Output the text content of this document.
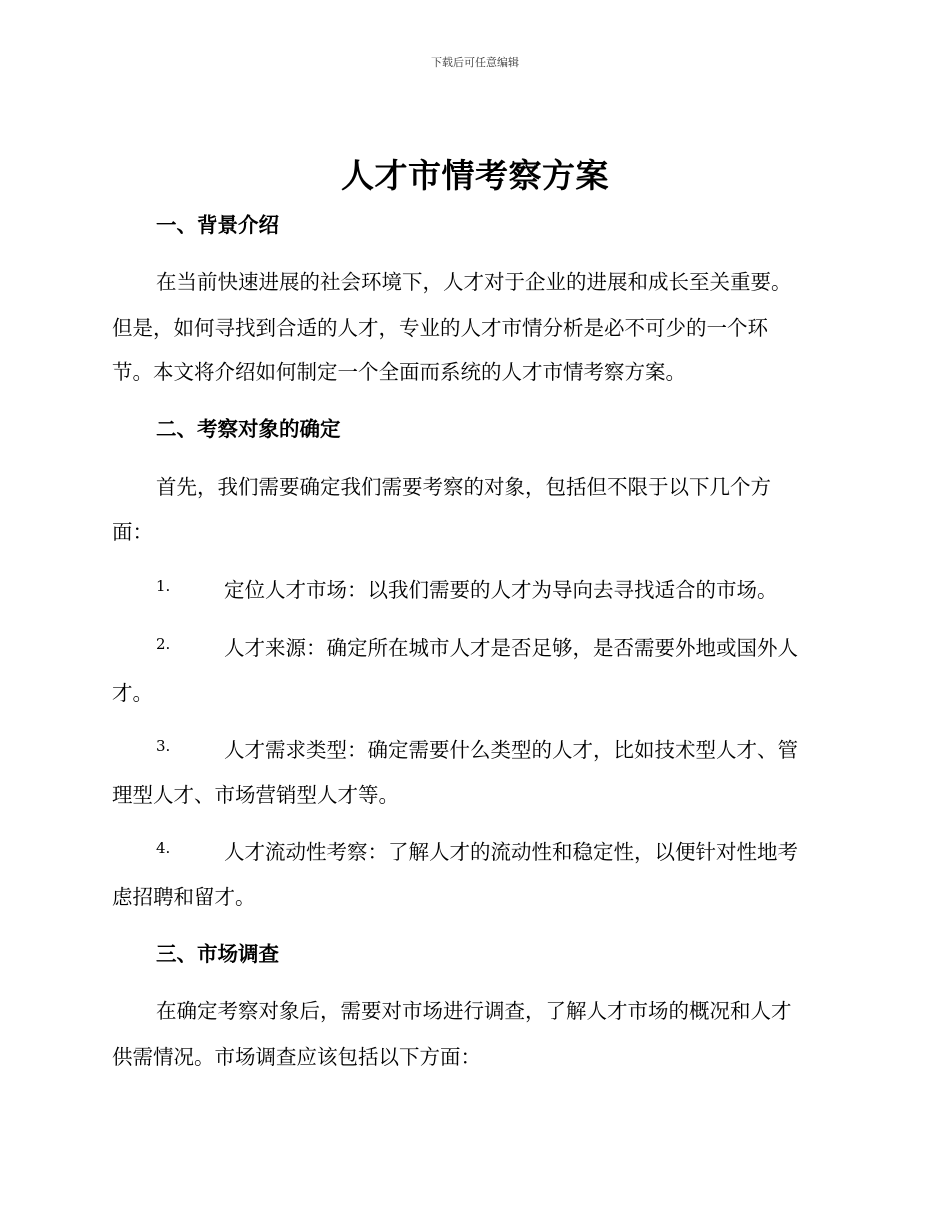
下载后可任意编辑
人才市情考察方案
一、背景介绍
在当前快速进展的社会环境下，人才对于企业的进展和成长至关重要。
但是，如何寻找到合适的人才，专业的人才市情分析是必不可少的一个环
节。本文将介绍如何制定一个全面而系统的人才市情考察方案。
二、考察对象的确定
首先，我们需要确定我们需要考察的对象，包括但不限于以下几个方
面：
1.	定位人才市场：以我们需要的人才为导向去寻找适合的市场。
2.	人才来源：确定所在城市人才是否足够，是否需要外地或国外人
才。
3.	人才需求类型：确定需要什么类型的人才，比如技术型人才、管
理型人才、市场营销型人才等。
4.	人才流动性考察：了解人才的流动性和稳定性，以便针对性地考
虑招聘和留才。
三、市场调查
在确定考察对象后，需要对市场进行调查，了解人才市场的概况和人才
供需情况。市场调查应该包括以下方面：
